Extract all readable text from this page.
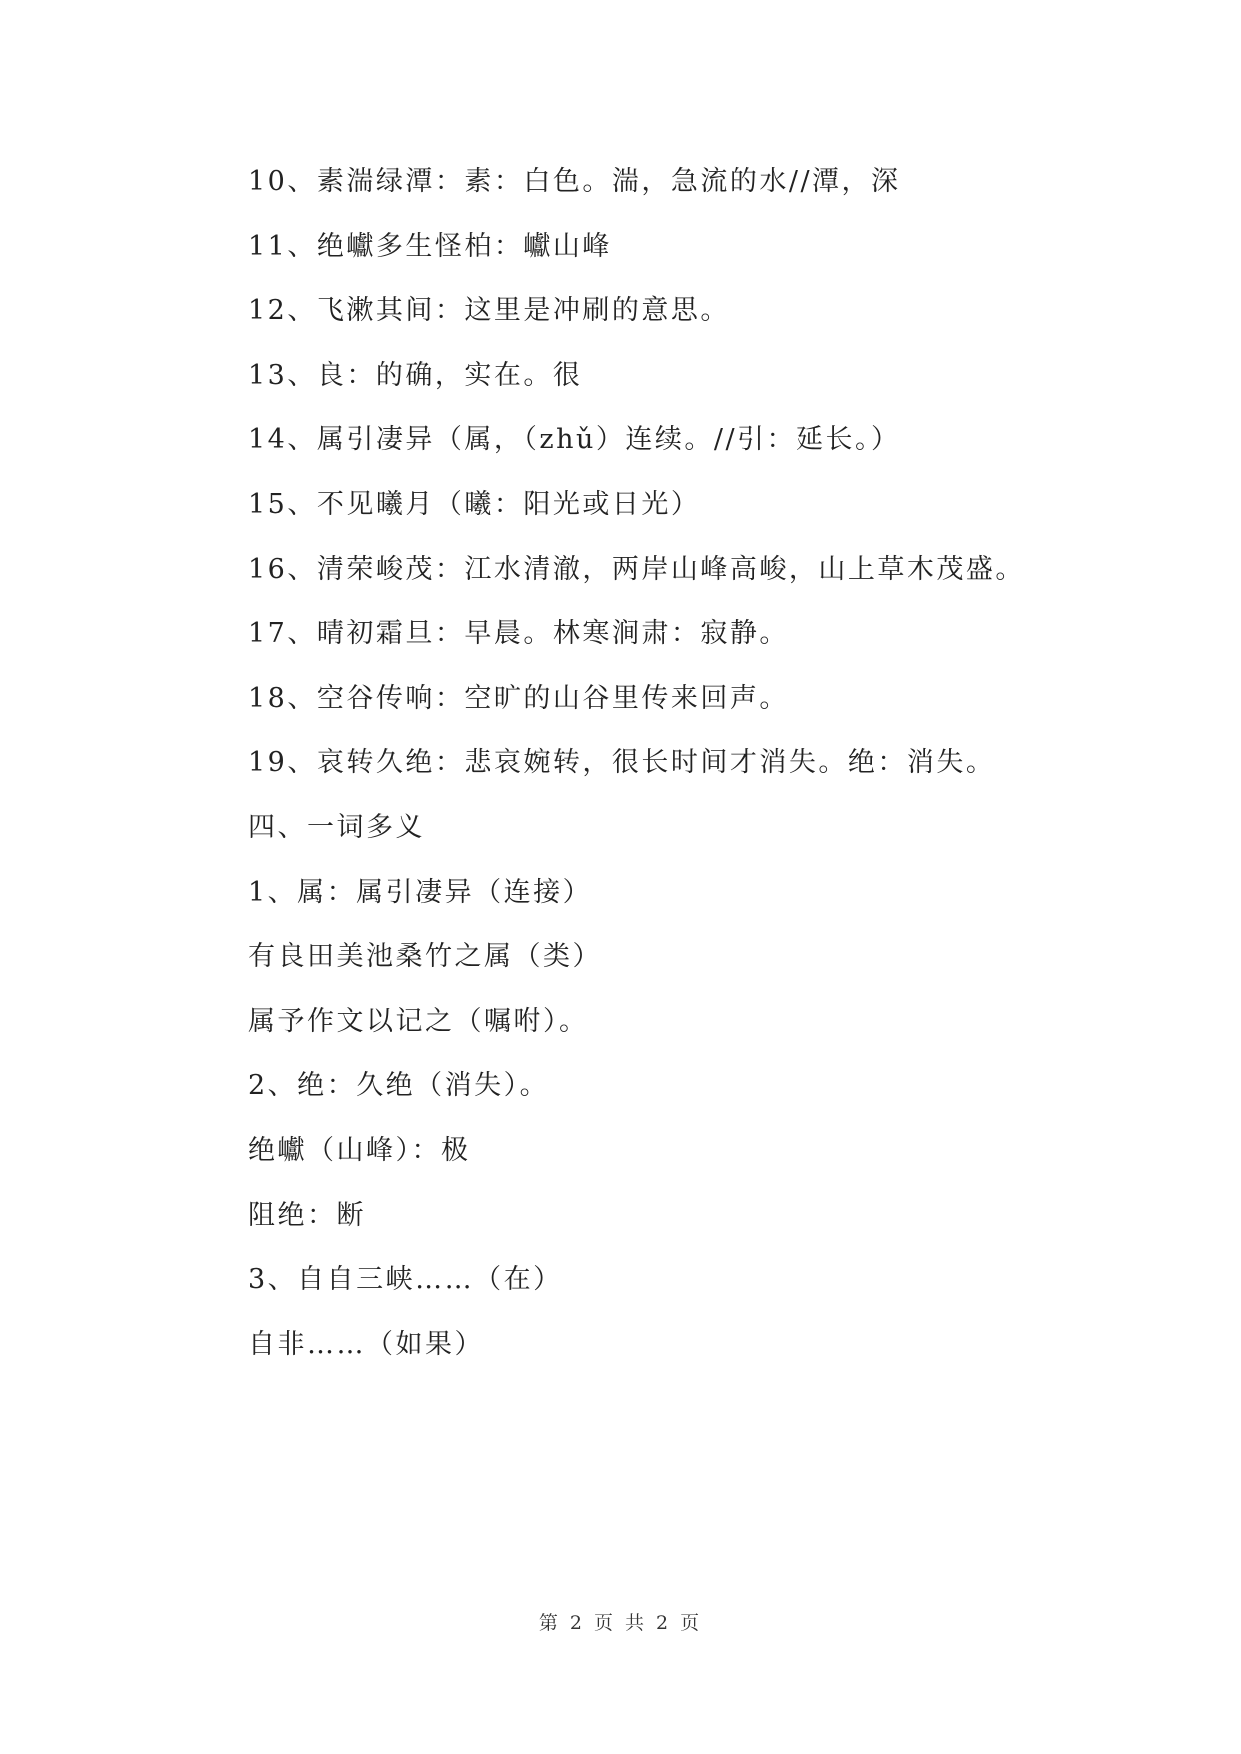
10、素湍绿潭：素：白色。湍，急流的水//潭，深
11、绝巘多生怪柏：巘山峰
12、飞漱其间：这里是冲刷的意思。
13、良：的确，实在。很
14、属引凄异（属，（zhǔ）连续。//引：延长。）
15、不见曦月（曦：阳光或日光）
16、清荣峻茂：江水清澈，两岸山峰高峻，山上草木茂盛。
17、晴初霜旦：早晨。林寒涧肃：寂静。
18、空谷传响：空旷的山谷里传来回声。
19、哀转久绝：悲哀婉转，很长时间才消失。绝：消失。
四、一词多义
1、属：属引凄异（连接）
有良田美池桑竹之属（类）
属予作文以记之（嘱咐）。
2、绝：久绝（消失）。
绝巘（山峰）：极
阻绝：断
3、自自三峡……（在）
自非……（如果）
第 2 页 共 2 页
